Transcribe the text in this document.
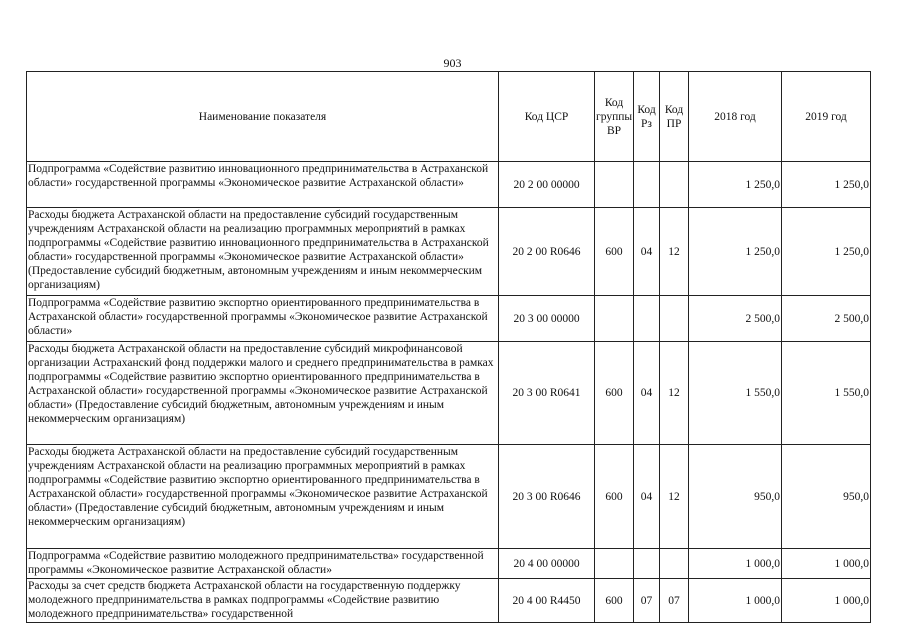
903
Наименование показателя	Код ЦСР	Код группы ВР	Код Рз	Код ПР	2018 год	2019 год
Подпрограмма «Содействие развитию инновационного предпринимательства в Астраханской области» государственной программы «Экономическое развитие Астраханской области»	20 2 00 00000				1 250,0	1 250,0
Расходы бюджета Астраханской области на предоставление субсидий государственным учреждениям Астраханской области на реализацию программных мероприятий в рамках подпрограммы «Содействие развитию инновационного предпринимательства в Астраханской области» государственной программы «Экономическое развитие Астраханской области» (Предоставление субсидий бюджетным, автономным учреждениям и иным некоммерческим организациям)	20 2 00 R0646	600	04	12	1 250,0	1 250,0
Подпрограмма «Содействие развитию экспортно ориентированного предпринимательства в Астраханской области» государственной программы «Экономическое развитие Астраханской области»	20 3 00 00000				2 500,0	2 500,0
Расходы бюджета Астраханской области на предоставление субсидий микрофинансовой организации Астраханский фонд поддержки малого и среднего предпринимательства в рамках подпрограммы «Содействие развитию экспортно ориентированного предпринимательства в Астраханской области» государственной программы «Экономическое развитие Астраханской области» (Предоставление субсидий бюджетным, автономным учреждениям и иным некоммерческим организациям)	20 3 00 R0641	600	04	12	1 550,0	1 550,0
Расходы бюджета Астраханской области на предоставление субсидий государственным учреждениям Астраханской области на реализацию программных мероприятий в рамках подпрограммы «Содействие развитию экспортно ориентированного предпринимательства в Астраханской области» государственной программы «Экономическое развитие Астраханской области» (Предоставление субсидий бюджетным, автономным учреждениям и иным некоммерческим организациям)	20 3 00 R0646	600	04	12	950,0	950,0
Подпрограмма «Содействие развитию молодежного предпринимательства» государственной программы «Экономическое развитие Астраханской области»	20 4 00 00000				1 000,0	1 000,0
Расходы за счет средств бюджета Астраханской области на государственную поддержку молодежного предпринимательства в рамках подпрограммы «Содействие развитию молодежного предпринимательства» государственной	20 4 00 R4450	600	07	07	1 000,0	1 000,0
